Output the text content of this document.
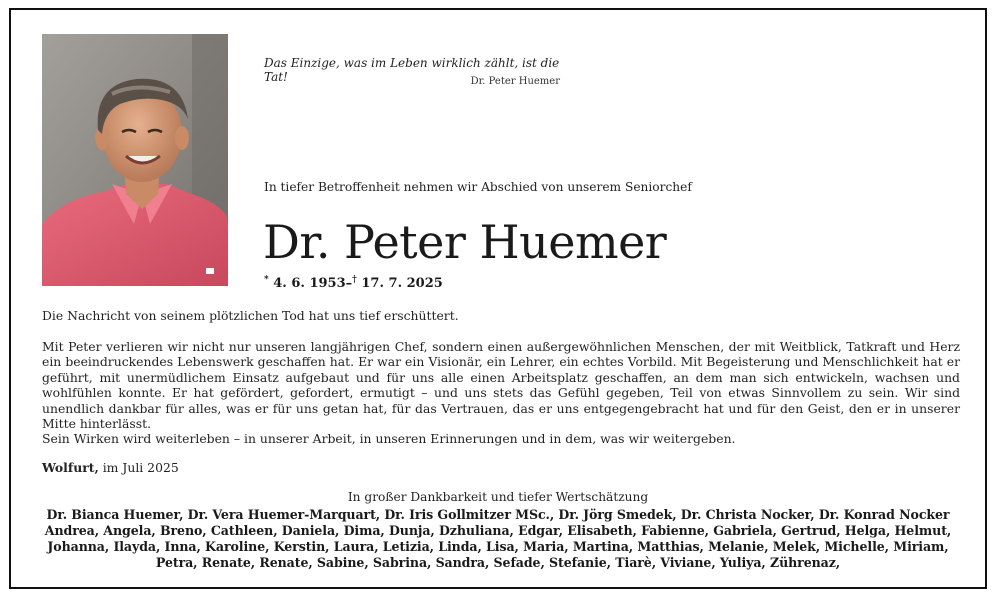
Das Einzige, was im Leben wirklich zählt, ist die Tat!	Dr. Peter Huemer
In tiefer Betroffenheit nehmen wir Abschied von unserem Seniorchef
Dr. Peter Huemer
* 4. 6. 1953–† 17. 7. 2025
Die Nachricht von seinem plötzlichen Tod hat uns tief erschüttert.
Mit Peter verlieren wir nicht nur unseren langjährigen Chef, sondern einen außergewöhnlichen Menschen, der mit Weitblick, Tatkraft und Herz ein beeindruckendes Lebenswerk geschaffen hat. Er war ein Visionär, ein Lehrer, ein echtes Vorbild. Mit Begeisterung und Menschlichkeit hat er geführt, mit unermüdlichem Einsatz aufgebaut und für uns alle einen Arbeitsplatz geschaffen, an dem man sich entwickeln, wachsen und wohlfühlen konnte. Er hat gefördert, gefordert, ermutigt – und uns stets das Gefühl gegeben, Teil von etwas Sinnvollem zu sein. Wir sind unendlich dankbar für alles, was er für uns getan hat, für das Vertrauen, das er uns entgegengebracht hat und für den Geist, den er in unserer Mitte hinterlässt.
Sein Wirken wird weiterleben – in unserer Arbeit, in unseren Erinnerungen und in dem, was wir weitergeben.
Wolfurt, im Juli 2025
In großer Dankbarkeit und tiefer Wertschätzung
Dr. Bianca Huemer, Dr. Vera Huemer-Marquart, Dr. Iris Gollmitzer MSc., Dr. Jörg Smedek, Dr. Christa Nocker, Dr. Konrad Nocker
Andrea, Angela, Breno, Cathleen, Daniela, Dima, Dunja, Dzhuliana, Edgar, Elisabeth, Fabienne, Gabriela, Gertrud, Helga, Helmut,
Johanna, Ilayda, Inna, Karoline, Kerstin, Laura, Letizia, Linda, Lisa, Maria, Martina, Matthias, Melanie, Melek, Michelle, Miriam,
Petra, Renate, Renate, Sabine, Sabrina, Sandra, Sefade, Stefanie, Tiarè, Viviane, Yuliya, Zührenaz,
